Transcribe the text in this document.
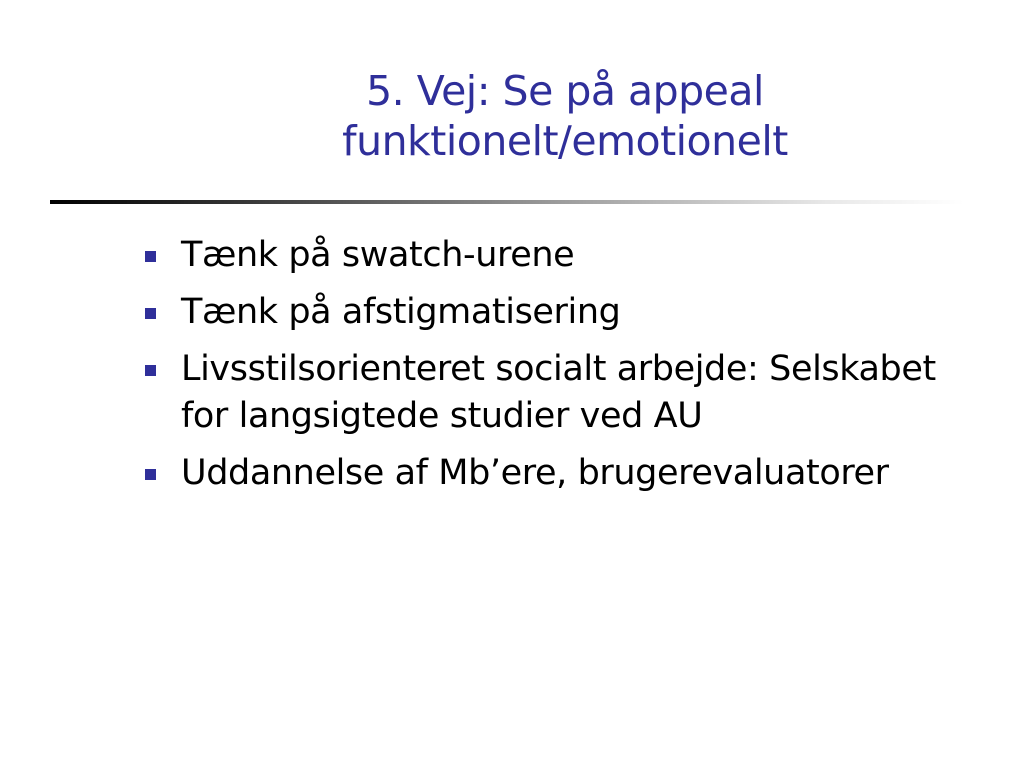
5. Vej: Se på appeal
funktionelt/emotionelt
Tænk på swatch-urene
Tænk på afstigmatisering
Livsstilsorienteret socialt arbejde: Selskabet for langsigtede studier ved AU
Uddannelse af Mb’ere, brugerevaluatorer
